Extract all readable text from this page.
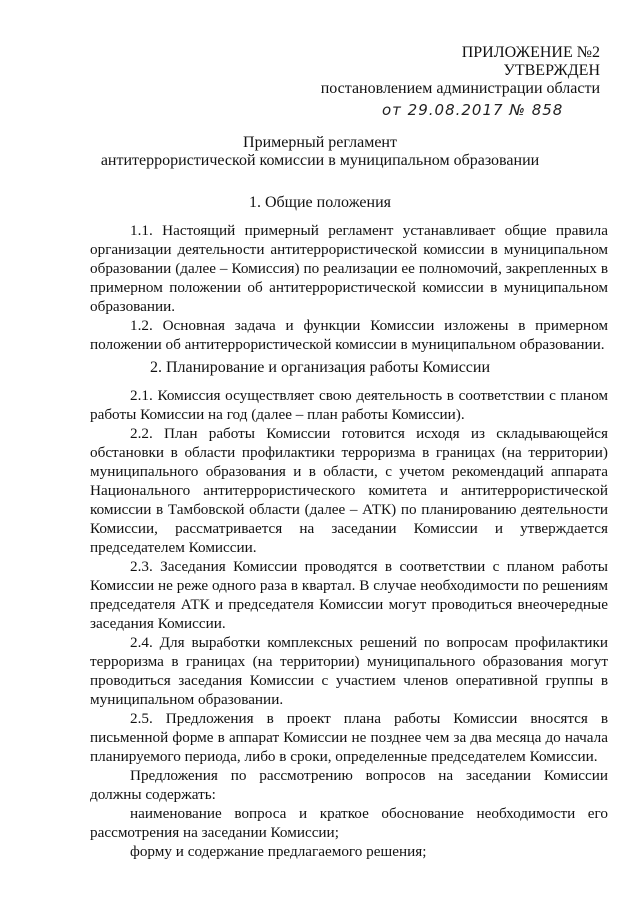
ПРИЛОЖЕНИЕ №2
УТВЕРЖДЕН
постановлением администрации области
от 29.08.2017 № 858
Примерный регламент
антитеррористической комиссии в муниципальном образовании
1. Общие положения

1.1. Настоящий примерный регламент устанавливает общие правила организации деятельности антитеррористической комиссии в муниципальном образовании (далее – Комиссия) по реализации ее полномочий, закрепленных в примерном положении об антитеррористической комиссии в муниципальном образовании.

1.2. Основная задача и функции Комиссии изложены в примерном положении об антитеррористической комиссии в муниципальном образовании.

2. Планирование и организация работы Комиссии

2.1. Комиссия осуществляет свою деятельность в соответствии с планом работы Комиссии на год (далее – план работы Комиссии).

2.2. План работы Комиссии готовится исходя из складывающейся обстановки в области профилактики терроризма в границах (на территории) муниципального образования и в области, с учетом рекомендаций аппарата Национального антитеррористического комитета и антитеррористической комиссии в Тамбовской области (далее – АТК) по планированию деятельности Комиссии, рассматривается на заседании Комиссии и утверждается председателем Комиссии.

2.3. Заседания Комиссии проводятся в соответствии с планом работы Комиссии не реже одного раза в квартал. В случае необходимости по решениям председателя АТК и председателя Комиссии могут проводиться внеочередные заседания Комиссии.

2.4. Для выработки комплексных решений по вопросам профилактики терроризма в границах (на территории) муниципального образования могут проводиться заседания Комиссии с участием членов оперативной группы в муниципальном образовании.

2.5. Предложения в проект плана работы Комиссии вносятся в письменной форме в аппарат Комиссии не позднее чем за два месяца до начала планируемого периода, либо в сроки, определенные председателем Комиссии.

Предложения по рассмотрению вопросов на заседании Комиссии должны содержать:

наименование вопроса и краткое обоснование необходимости его рассмотрения на заседании Комиссии;

форму и содержание предлагаемого решения;
